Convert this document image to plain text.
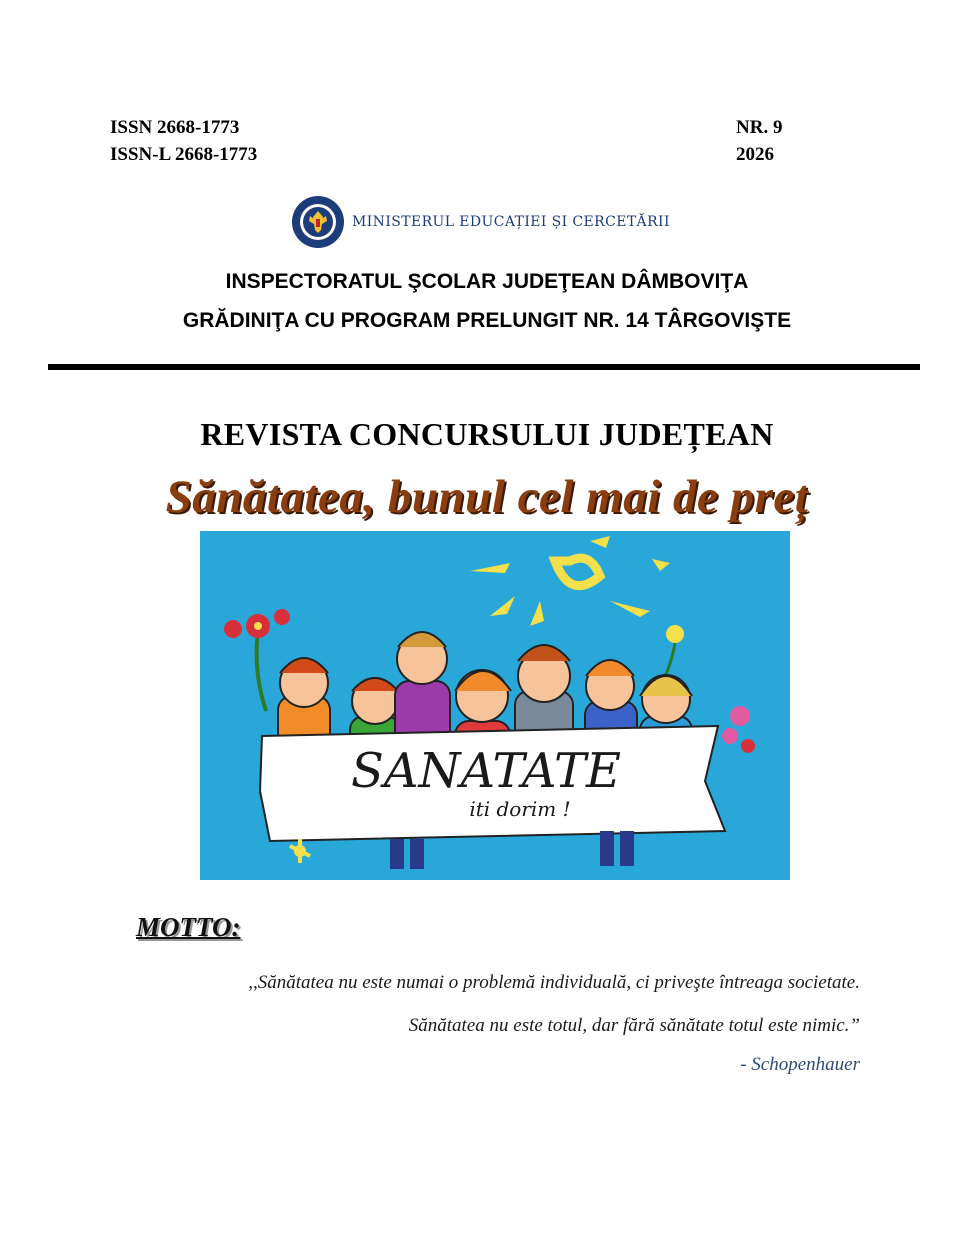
ISSN 2668-1773
ISSN-L 2668-1773
NR. 9
2026
MINISTERUL EDUCAȚIEI ȘI CERCETĂRII
INSPECTORATUL ŞCOLAR JUDEŢEAN DÂMBOVIŢA
GRĂDINIŢA CU PROGRAM PRELUNGIT NR. 14 TÂRGOVIŞTE
REVISTA CONCURSULUI JUDEȚEAN
Sănătatea, bunul cel mai de preț
SANATATE
iti dorim !
MOTTO:
,,Sănătatea nu este numai o problemă individuală, ci priveşte întreaga societate.
Sănătatea nu este totul, dar fără sănătate totul este nimic.”
- Schopenhauer
